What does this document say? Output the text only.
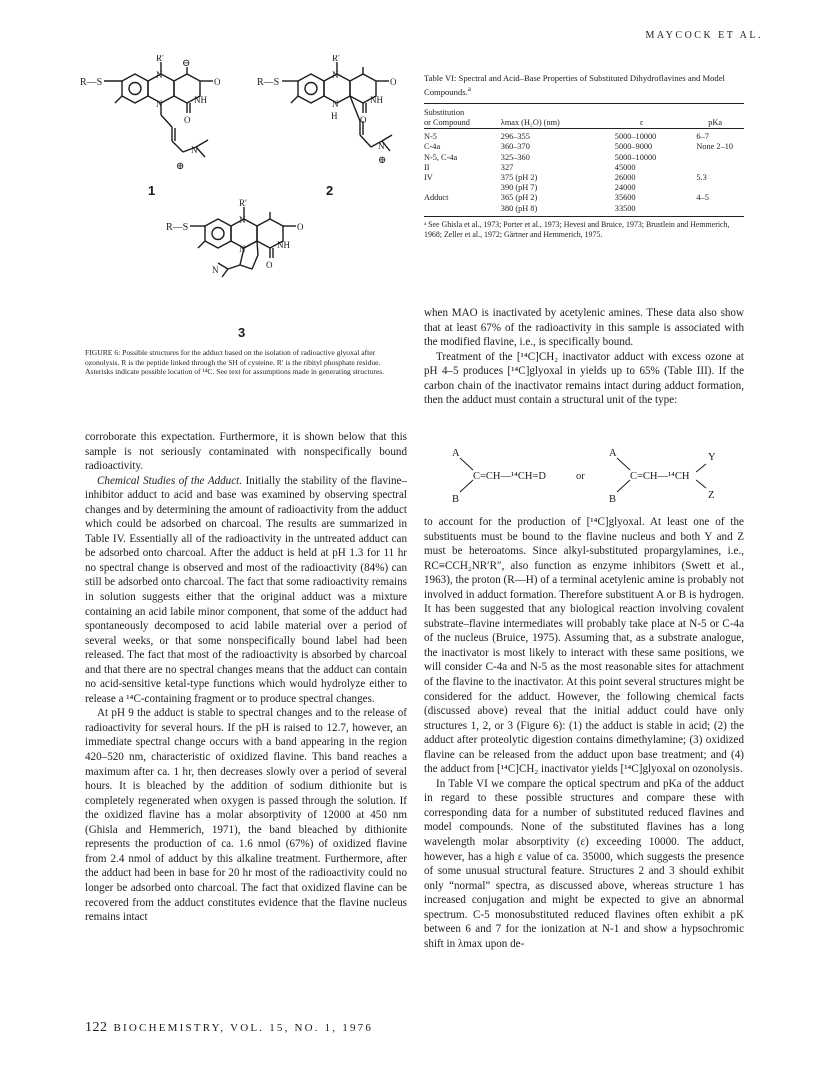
MAYCOCK ET AL.
R—S
R′
N
⊖
O
NH
O
N
N
⊕
1
R—S
R′
N
O
NH
O
N
H
N
⊕
2
R—S
R′
N
O
NH
O
N
N
3
FIGURE 6: Possible structures for the adduct based on the isolation of radioactive glyoxal after ozonolysis. R is the peptide linked through the SH of cysteine. R′ is the ribityl phosphate residue. Asterisks indicate possible location of ¹⁴C. See text for assumptions made in generating structures.
Table VI: Spectral and Acid–Base Properties of Substituted Dihydroflavines and Model Compounds.$^a$
Substitution
or Compound	λmax (H₂O) (nm)	ε	pKa
N-5	296–355	5000–10000	6–7
C-4a	360–370	5000–9000	None 2–10
N-5, C-4a	325–360	5000–10000	
II	327	45000	
IV	375 (pH 2)	26000	5.3
	390 (pH 7)	24000	
Adduct	365 (pH 2)	35600	4–5
	380 (pH 8)	33500	
ᵃ See Ghisla et al., 1973; Porter et al., 1973; Hevesi and Bruice, 1973; Brustlein and Hemmerich, 1968; Zeller et al., 1972; Gärtner and Hemmerich, 1975.

corroborate this expectation. Furthermore, it is shown below that this sample is not seriously contaminated with nonspecifically bound radioactivity.

Chemical Studies of the Adduct. Initially the stability of the flavine–inhibitor adduct to acid and base was examined by observing spectral changes and by determining the amount of radioactivity from the adduct which could be adsorbed on charcoal. The results are summarized in Table IV. Essentially all of the radioactivity in the untreated adduct can be adsorbed onto charcoal. After the adduct is held at pH 1.3 for 11 hr no spectral change is observed and most of the radioactivity (84%) can still be adsorbed onto charcoal. The fact that some radioactivity remains in solution suggests either that the original adduct was a mixture containing an acid labile minor component, that some of the adduct had spontaneously decomposed to acid labile material over a period of several weeks, or that some nonspecifically bound label had been released. The fact that most of the radioactivity is absorbed by charcoal and that there are no spectral changes means that the adduct can contain no acid-sensitive ketal-type functions which would hydrolyze either to release a ¹⁴C-containing fragment or to produce spectral changes.

At pH 9 the adduct is stable to spectral changes and to the release of radioactivity for several hours. If the pH is raised to 12.7, however, an immediate spectral change occurs with a band appearing in the region 420–520 nm, characteristic of oxidized flavine. This band reaches a maximum after ca. 1 hr, then decreases slowly over a period of several hours. It is bleached by the addition of sodium dithionite but is completely regenerated when oxygen is passed through the solution. If the oxidized flavine has a molar absorptivity of 12000 at 450 nm (Ghisla and Hemmerich, 1971), the band bleached by dithionite represents the production of ca. 1.6 nmol (67%) of oxidized flavine from 2.4 nmol of adduct by this alkaline treatment. Furthermore, after the adduct had been in base for 20 hr most of the radioactivity could no longer be adsorbed onto charcoal. The fact that oxidized flavine can be recovered from the adduct constitutes evidence that the flavine nucleus remains intact

when MAO is inactivated by acetylenic amines. These data also show that at least 67% of the radioactivity in this sample is associated with the modified flavine, i.e., is specifically bound.

Treatment of the [¹⁴C]CH₂ inactivator adduct with excess ozone at pH 4–5 produces [¹⁴C]glyoxal in yields up to 65% (Table III). If the carbon chain of the inactivator remains intact during adduct formation, then the adduct must contain a structural unit of the type:

A
B
C=CH—¹⁴CH=D	or
A
B
C=CH—¹⁴CH
Y
Z

to account for the production of [¹⁴C]glyoxal. At least one of the substituents must be bound to the flavine nucleus and both Y and Z must be heteroatoms. Since alkyl-substituted propargylamines, i.e., RC≡CCH₂NR′R″, also function as enzyme inhibitors (Swett et al., 1963), the proton (R—H) of a terminal acetylenic amine is probably not involved in adduct formation. Therefore substituent A or B is hydrogen. It has been suggested that any biological reaction involving covalent substrate–flavine intermediates will probably take place at N-5 or C-4a of the nucleus (Bruice, 1975). Assuming that, as a substrate analogue, the inactivator is most likely to interact with these same positions, we will consider C-4a and N-5 as the most reasonable sites for attachment of the flavine to the inactivator. At this point several structures might be considered for the adduct. However, the following chemical facts (discussed above) reveal that the initial adduct could have only structures 1, 2, or 3 (Figure 6): (1) the adduct is stable in acid; (2) the adduct after proteolytic digestion contains dimethylamine; (3) oxidized flavine can be released from the adduct upon base treatment; and (4) the adduct from [¹⁴C]CH₂ inactivator yields [¹⁴C]glyoxal on ozonolysis.

In Table VI we compare the optical spectrum and pKa of the adduct in regard to these possible structures and compare these with corresponding data for a number of substituted reduced flavines and model compounds. None of the substituted flavines has a long wavelength molar absorptivity (ε) exceeding 10000. The adduct, however, has a high ε value of ca. 35000, which suggests the presence of some unusual structural feature. Structures 2 and 3 should exhibit only “normal” spectra, as discussed above, whereas structure 1 has increased conjugation and might be expected to give an abnormal spectrum. C-5 monosubstituted reduced flavines often exhibit a pK between 6 and 7 for the ionization at N-1 and show a hypsochromic shift in λmax upon de-

122 BIOCHEMISTRY, VOL. 15, NO. 1, 1976
